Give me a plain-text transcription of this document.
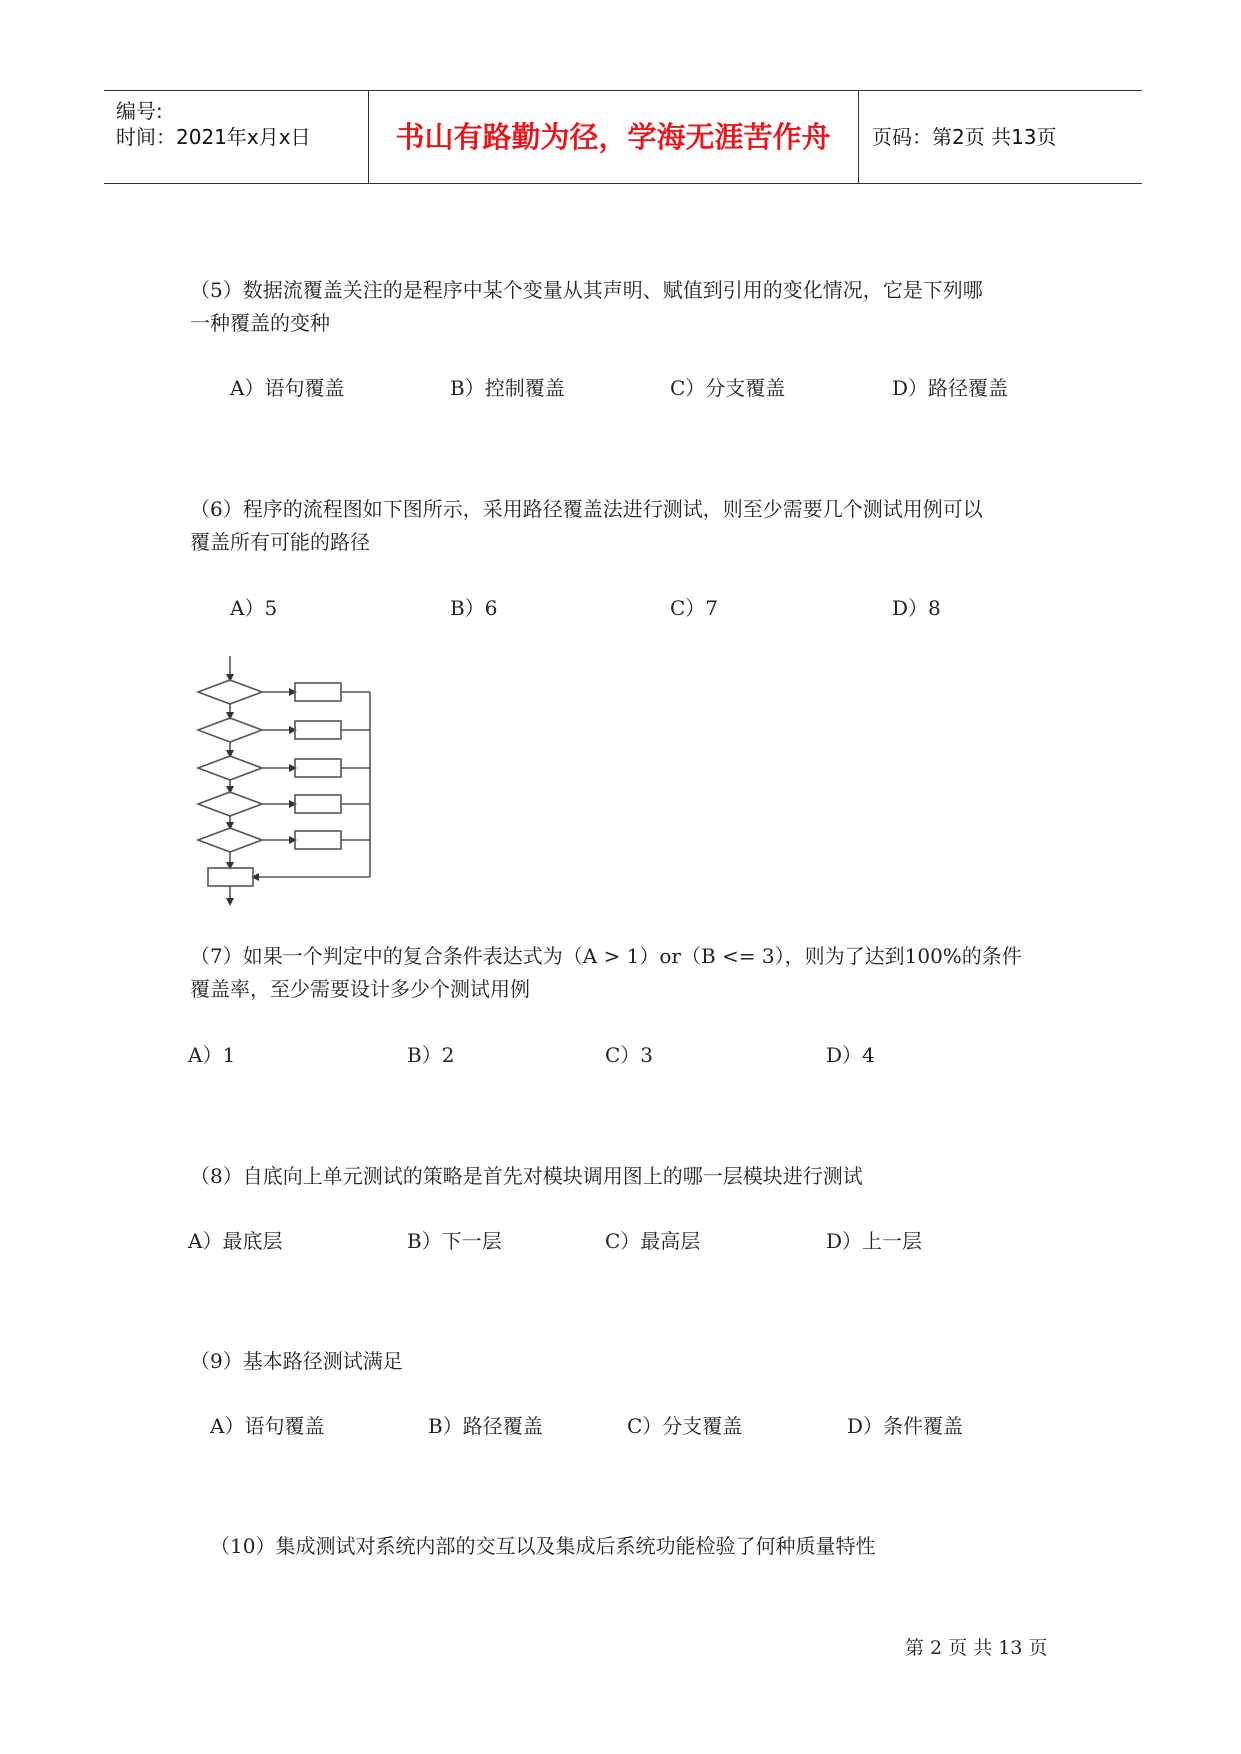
编号:
时间：2021年x月x日	书山有路勤为径，学海无涯苦作舟	页码：第2页 共13页
（5）数据流覆盖关注的是程序中某个变量从其声明、赋值到引用的变化情况，它是下列哪
一种覆盖的变种
A）语句覆盖	B）控制覆盖	C）分支覆盖	D）路径覆盖
（6）程序的流程图如下图所示，采用路径覆盖法进行测试，则至少需要几个测试用例可以
覆盖所有可能的路径
A）5	B）6	C）7	D）8
（7）如果一个判定中的复合条件表达式为（A > 1）or（B <= 3），则为了达到100%的条件
覆盖率，至少需要设计多少个测试用例
A）1	B）2	C）3	D）4
（8）自底向上单元测试的策略是首先对模块调用图上的哪一层模块进行测试
A）最底层	B）下一层	C）最高层	D）上一层
（9）基本路径测试满足
A）语句覆盖	B）路径覆盖	C）分支覆盖	D）条件覆盖
（10）集成测试对系统内部的交互以及集成后系统功能检验了何种质量特性
第 2 页 共 13 页
